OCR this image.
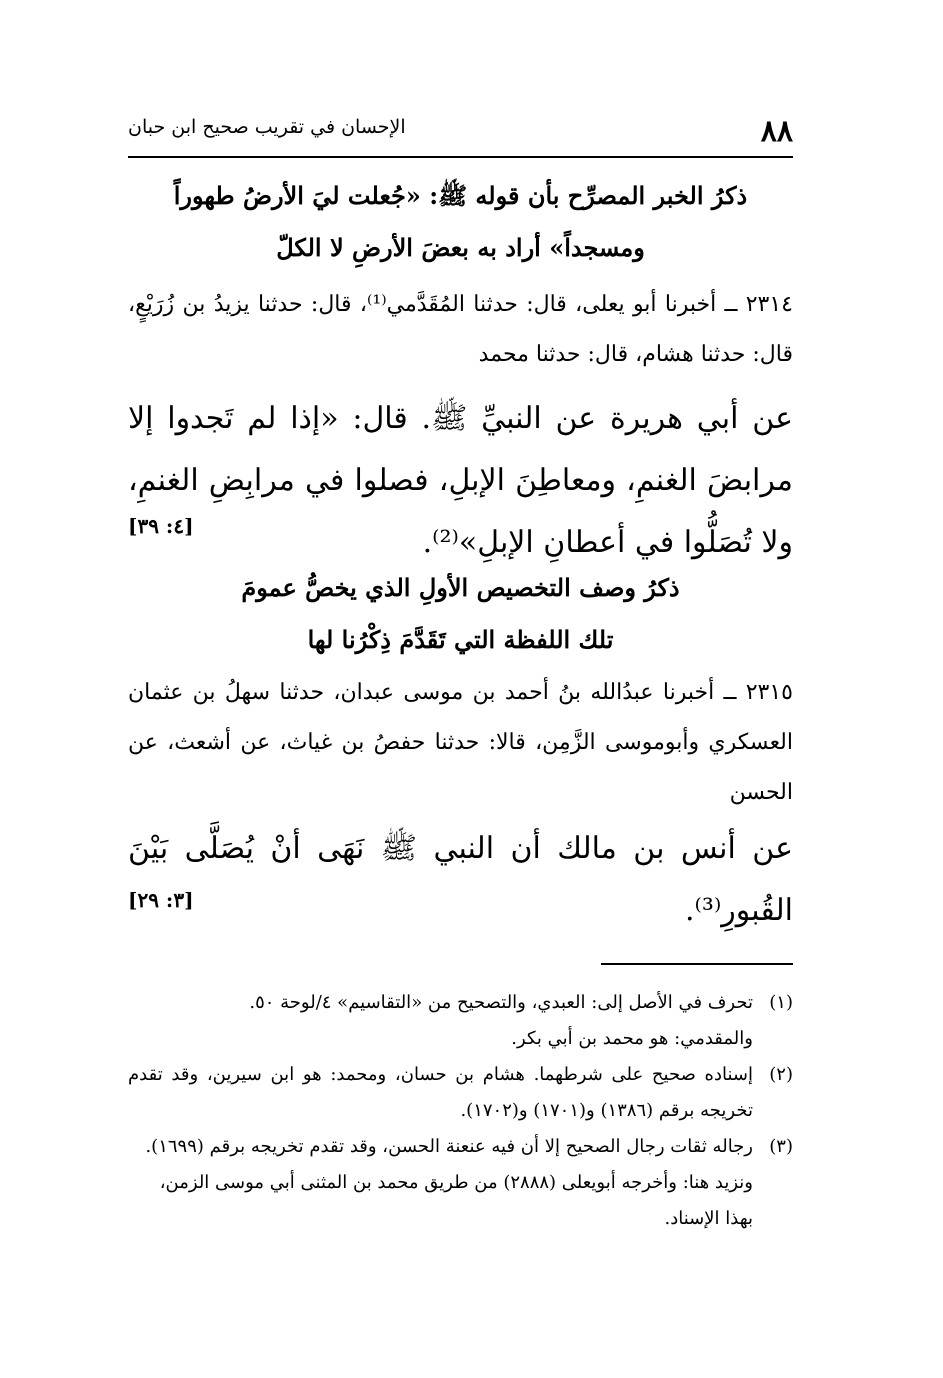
٨٨
الإحسان في تقريب صحيح ابن حبان
ذكرُ الخبر المصرِّح بأن قوله ﷺ: «جُعلت ليَ الأرضُ طهوراً
ومسجداً» أراد به بعضَ الأرضِ لا الكلّ
٢٣١٤ ــ أخبرنا أبو يعلى، قال: حدثنا المُقَدَّمي⁽¹⁾، قال: حدثنا يزيدُ بن زُرَيْعٍ، قال: حدثنا هشام، قال: حدثنا محمد
عن أبي هريرة عن النبيِّ ﷺ. قال: «إذا لم تَجدوا إلا مرابضَ الغنمِ، ومعاطِنَ الإبلِ، فصلوا في مرابِضِ الغنمِ، ولا تُصَلُّوا في أعطانِ الإبلِ»⁽²⁾.
[٤: ٣٩]
ذكرُ وصف التخصيص الأولِ الذي يخصُّ عمومَ
تلك اللفظة التي تَقَدَّمَ ذِكْرُنا لها
٢٣١٥ ــ أخبرنا عبدُالله بنُ أحمد بن موسى عبدان، حدثنا سهلُ بن عثمان العسكري وأبوموسى الزَّمِن، قالا: حدثنا حفصُ بن غياث، عن أشعث، عن الحسن
عن أنس بن مالك أن النبي ﷺ نَهَى أنْ يُصَلَّى بَيْنَ القُبورِ⁽³⁾.
[٣: ٢٩]
(١)
تحرف في الأصل إلى: العبدي، والتصحيح من «التقاسيم» ٤/لوحة ٥٠.
والمقدمي: هو محمد بن أبي بكر.
(٢)
إسناده صحيح على شرطهما. هشام بن حسان، ومحمد: هو ابن سيرين، وقد تقدم تخريجه برقم (١٣٨٦) و(١٧٠١) و(١٧٠٢).
(٣)
رجاله ثقات رجال الصحيح إلا أن فيه عنعنة الحسن، وقد تقدم تخريجه برقم (١٦٩٩).
ونزيد هنا: وأخرجه أبويعلى (٢٨٨٨) من طريق محمد بن المثنى أبي موسى الزمن، بهذا الإسناد.
